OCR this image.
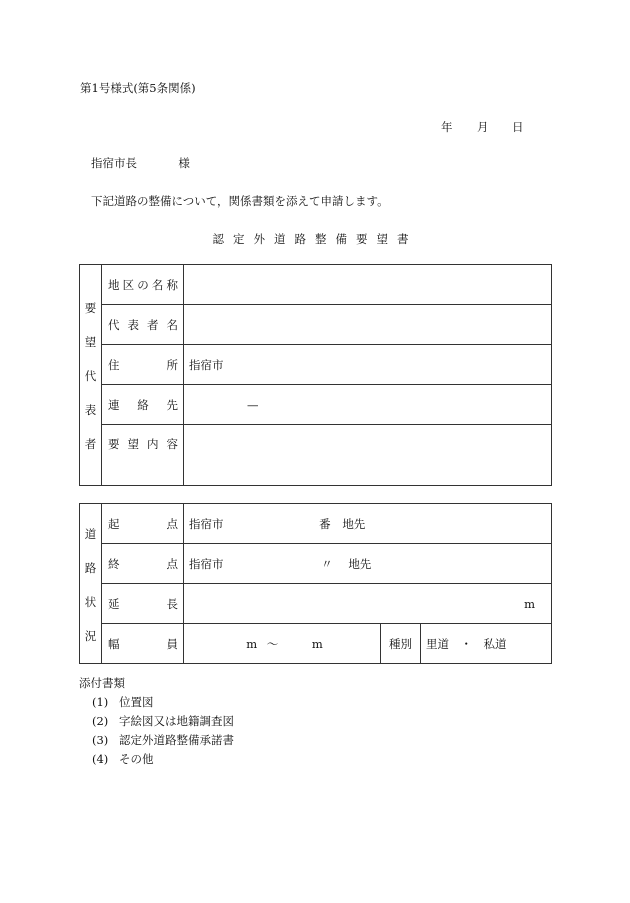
第1号様式(第5条関係)
年 月 日
指宿市長	様
下記道路の整備について，関係書類を添えて申請します。
認定外道路整備要望書
要
望
代
表
者	地 区 の 名 称	

	代 表 者 名	

	住 所	指宿市

	連 絡 先	—

	要 望 内 容	

道
路
状
況	起 点	指宿市 番 地先		

	終 点	指宿市 〃 地先		

	延 長	m		

	幅 員	m 〜 m	種別	里道　・　私道
添付書類
(1) 位置図
(2) 字絵図又は地籍調査図
(3) 認定外道路整備承諾書
(4) その他
